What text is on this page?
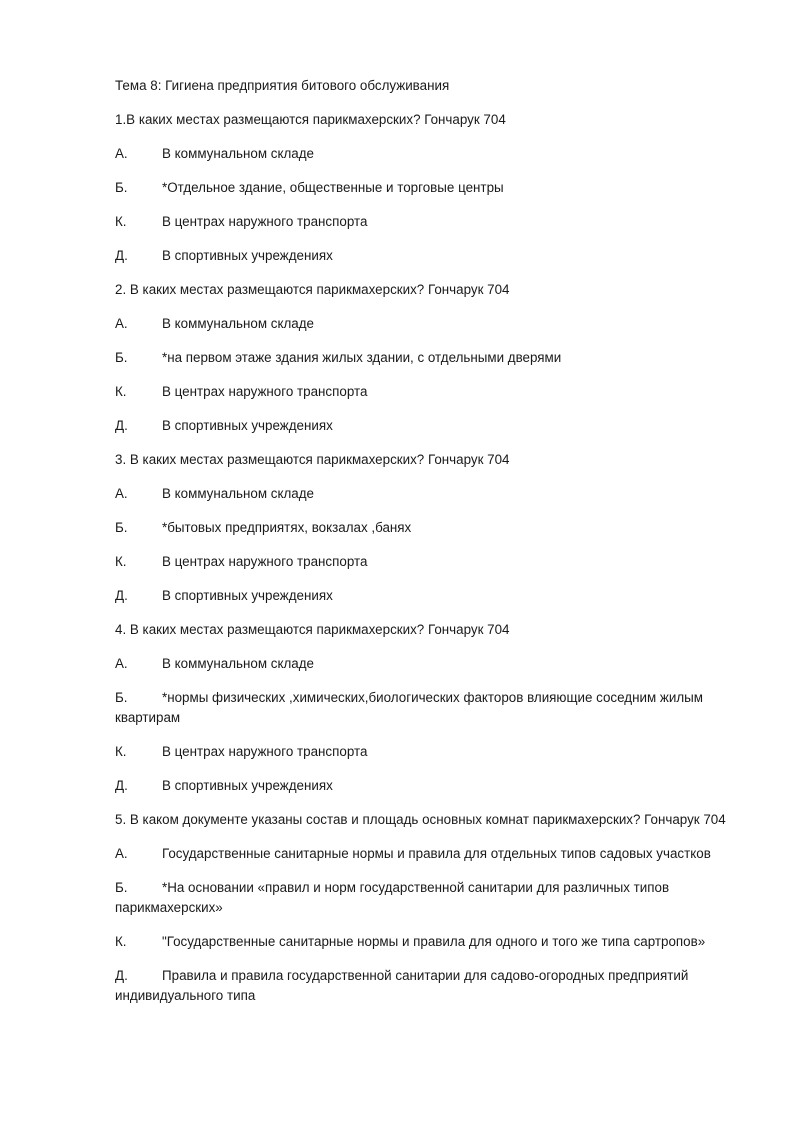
Тема 8: Гигиена предприятия битового обслуживания

1.В каких местах размещаются парикмахерских? Гончарук 704
А.	В коммунальном складе
Б.	*Отдельное здание, общественные и торговые центры
К.	В центрах наружного транспорта
Д.	В спортивных учреждениях
2. В каких местах размещаются парикмахерских? Гончарук 704
А.	В коммунальном складе
Б.	*на первом этаже здания жилых здании, с отдельными дверями
К.	В центрах наружного транспорта
Д.	В спортивных учреждениях
3. В каких местах размещаются парикмахерских? Гончарук 704
А.	В коммунальном складе
Б.	*бытовых предприятях, вокзалах ,банях
К.	В центрах наружного транспорта
Д.	В спортивных учреждениях
4. В каких местах размещаются парикмахерских? Гончарук 704
А.	В коммунальном складе
Б.	*нормы физических ,химических,биологических факторов влияющие соседним жилым квартирам
К.	В центрах наружного транспорта
Д.	В спортивных учреждениях
5. В каком документе указаны состав и площадь основных комнат парикмахерских? Гончарук 704
А.	Государственные санитарные нормы и правила для отдельных типов садовых участков
Б.	*На основании «правил и норм государственной санитарии для различных типов парикмахерских»
К.	"Государственные санитарные нормы и правила для одного и того же типа сартропов»
Д.	Правила и правила государственной санитарии для садово-огородных предприятий индивидуального типа
